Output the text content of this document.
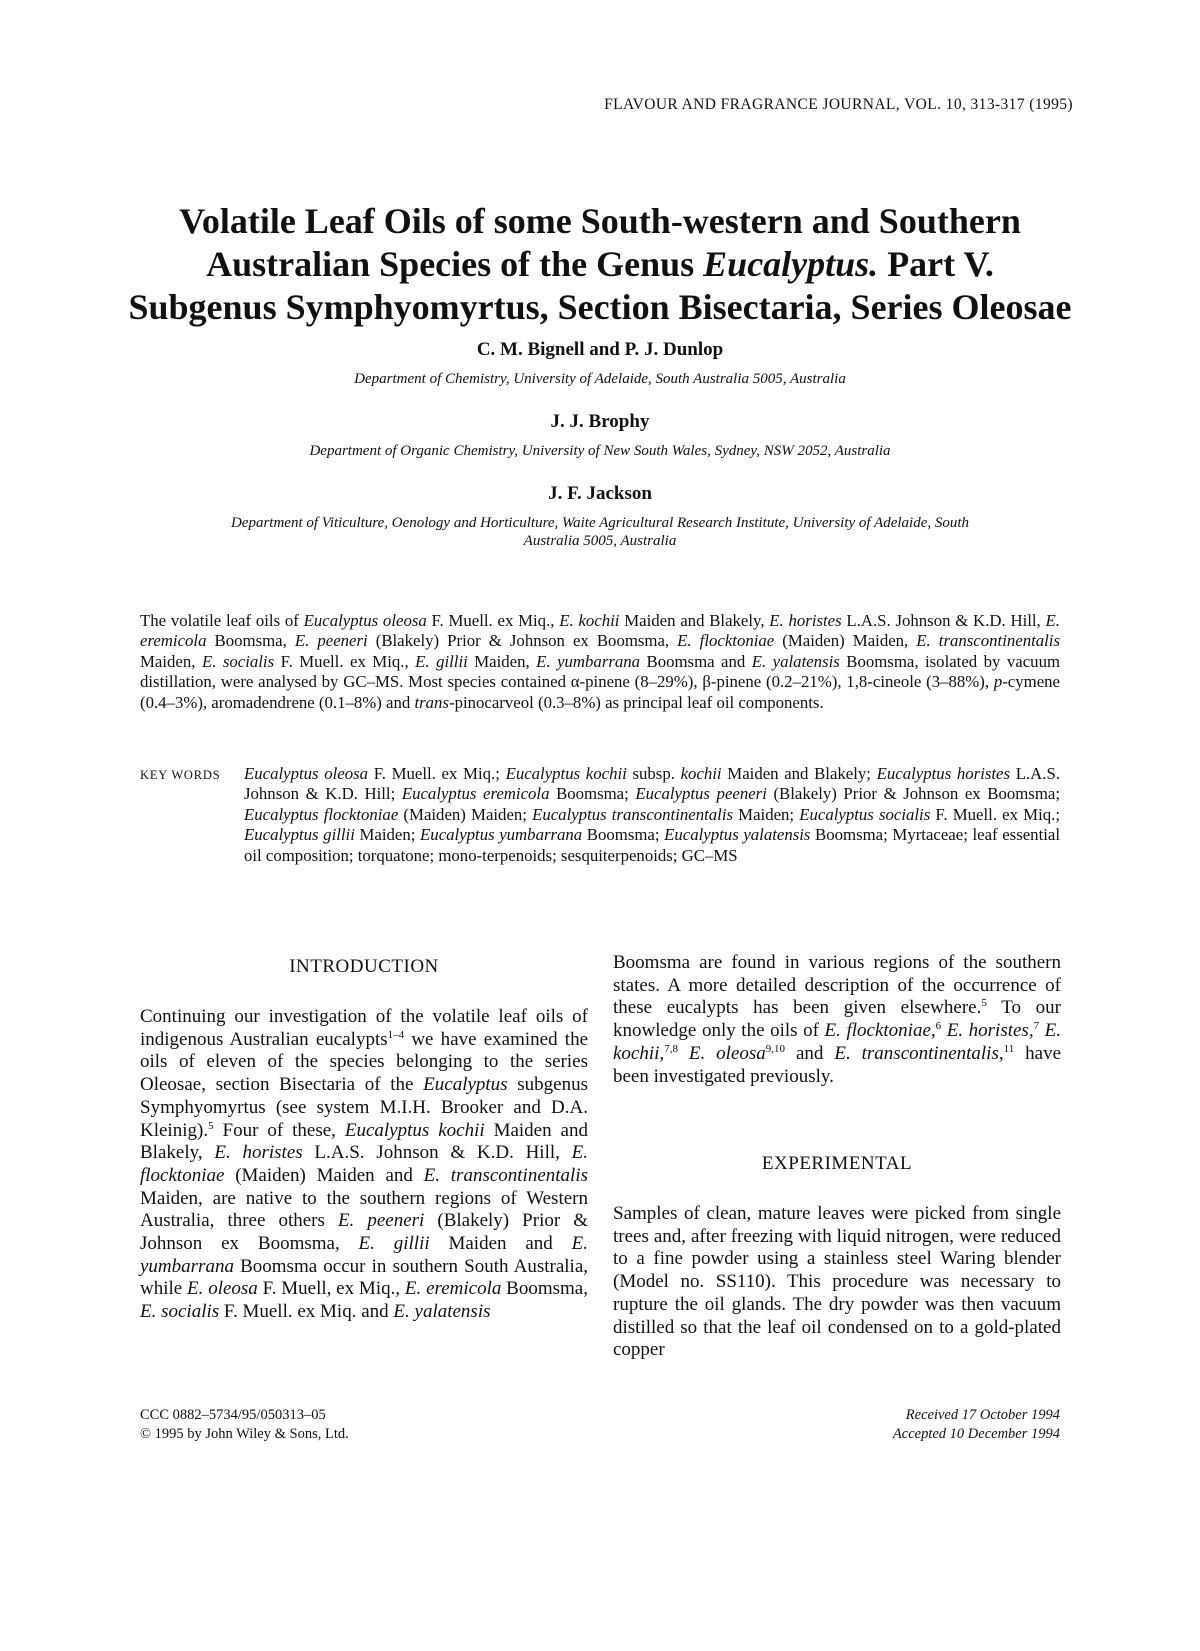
FLAVOUR AND FRAGRANCE JOURNAL, VOL. 10, 313-317 (1995)
Volatile Leaf Oils of some South-western and Southern
Australian Species of the Genus Eucalyptus. Part V.
Subgenus Symphyomyrtus, Section Bisectaria, Series Oleosae
C. M. Bignell and P. J. Dunlop
Department of Chemistry, University of Adelaide, South Australia 5005, Australia
J. J. Brophy
Department of Organic Chemistry, University of New South Wales, Sydney, NSW 2052, Australia
J. F. Jackson
Department of Viticulture, Oenology and Horticulture, Waite Agricultural Research Institute, University of Adelaide, South
Australia 5005, Australia
The volatile leaf oils of Eucalyptus oleosa F. Muell. ex Miq., E. kochii Maiden and Blakely, E. horistes L.A.S. Johnson & K.D. Hill, E. eremicola Boomsma, E. peeneri (Blakely) Prior & Johnson ex Boomsma, E. flocktoniae (Maiden) Maiden, E. transcontinentalis Maiden, E. socialis F. Muell. ex Miq., E. gillii Maiden, E. yumbarrana Boomsma and E. yalatensis Boomsma, isolated by vacuum distillation, were analysed by GC–MS. Most species contained α-pinene (8–29%), β-pinene (0.2–21%), 1,8-cineole (3–88%), p-cymene (0.4–3%), aromadendrene (0.1–8%) and trans-pinocarveol (0.3–8%) as principal leaf oil components.
KEY WORDS Eucalyptus oleosa F. Muell. ex Miq.; Eucalyptus kochii subsp. kochii Maiden and Blakely; Eucalyptus horistes L.A.S. Johnson & K.D. Hill; Eucalyptus eremicola Boomsma; Eucalyptus peeneri (Blakely) Prior & Johnson ex Boomsma; Eucalyptus flocktoniae (Maiden) Maiden; Eucalyptus transcontinentalis Maiden; Eucalyptus socialis F. Muell. ex Miq.; Eucalyptus gillii Maiden; Eucalyptus yumbarrana Boomsma; Eucalyptus yalatensis Boomsma; Myrtaceae; leaf essential oil composition; torquatone; mono-terpenoids; sesquiterpenoids; GC–MS
INTRODUCTION
Continuing our investigation of the volatile leaf oils of indigenous Australian eucalypts$^{1-4}$ we have examined the oils of eleven of the species belonging to the series Oleosae, section Bisectaria of the Eucalyptus subgenus Symphyomyrtus (see system M.I.H. Brooker and D.A. Kleinig).$^5$ Four of these, Eucalyptus kochii Maiden and Blakely, E. horistes L.A.S. Johnson & K.D. Hill, E. flocktoniae (Maiden) Maiden and E. transcontinentalis Maiden, are native to the southern regions of Western Australia, three others E. peeneri (Blakely) Prior & Johnson ex Boomsma, E. gillii Maiden and E. yumbarrana Boomsma occur in southern South Australia, while E. oleosa F. Muell, ex Miq., E. eremicola Boomsma, E. socialis F. Muell. ex Miq. and E. yalatensis
Boomsma are found in various regions of the southern states. A more detailed description of the occurrence of these eucalypts has been given elsewhere.$^5$ To our knowledge only the oils of E. flocktoniae,$^6$ E. horistes,$^7$ E. kochii,$^{7,8}$ E. oleosa$^{9,10}$ and E. transcontinentalis,$^{11}$ have been investigated previously.
EXPERIMENTAL
Samples of clean, mature leaves were picked from single trees and, after freezing with liquid nitrogen, were reduced to a fine powder using a stainless steel Waring blender (Model no. SS110). This procedure was necessary to rupture the oil glands. The dry powder was then vacuum distilled so that the leaf oil condensed on to a gold-plated copper
CCC 0882–5734/95/050313–05
© 1995 by John Wiley & Sons, Ltd.
Received 17 October 1994
Accepted 10 December 1994
